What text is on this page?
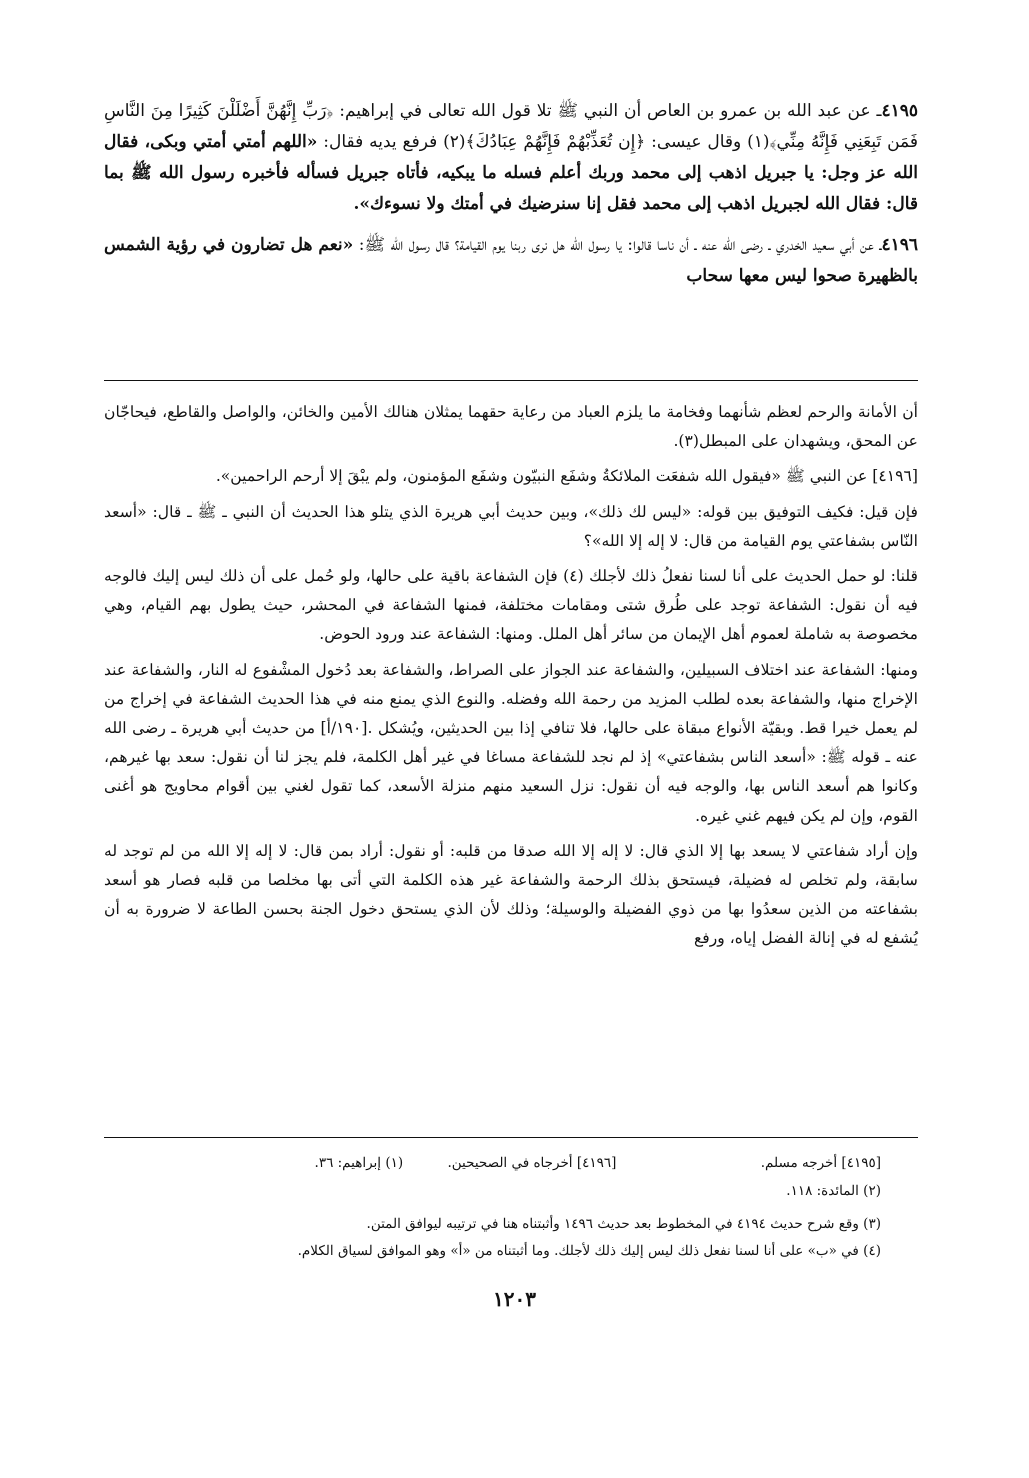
٤١٩٥ـ عن عبد الله بن عمرو بن العاص أن النبي ﷺ تلا قول الله تعالى في إبراهيم: ﴿رَبِّ إِنَّهُنَّ أَضْلَلْنَ كَثِيرًا مِنَ النَّاسِ فَمَن تَبِعَنِي فَإِنَّهُ مِنِّي﴾(١) وقال عيسى: ﴿إِن تُعَذِّبْهُمْ فَإِنَّهُمْ عِبَادُكَ﴾(٢) فرفع يديه فقال: «اللهم أمتي أمتي وبكى، فقال الله عز وجل: يا جبريل اذهب إلى محمد وربك أعلم فسله ما يبكيه، فأتاه جبريل فسأله فأخبره رسول الله ﷺ بما قال: فقال الله لجبريل اذهب إلى محمد فقل إنا سنرضيك في أمتك ولا نسوءك».

٤١٩٦ـ عن أبي سعيد الخدري ـ رضى الله عنه ـ أن ناسا قالوا: يا رسول الله هل نرى ربنا يوم القيامة؟ قال رسول الله ﷺ: «نعم هل تضارون في رؤية الشمس بالظهيرة صحوا ليس معها سحاب

أن الأمانة والرحم لعظم شأنهما وفخامة ما يلزم العباد من رعاية حقهما يمثلان هنالك الأمين والخائن، والواصل والقاطع، فيحاجّان عن المحق، ويشهدان على المبطل(٣).

[٤١٩٦] عن النبي ﷺ «فيقول الله شفعَت الملائكةُ وشفَع النبيّون وشفَع المؤمنون، ولم يبْقَ إلا أرحم الراحمين».

فإن قيل: فكيف التوفيق بين قوله: «ليس لك ذلك»، وبين حديث أبي هريرة الذي يتلو هذا الحديث أن النبي ـ ﷺ ـ قال: «أسعد النّاس بشفاعتي يوم القيامة من قال: لا إله إلا الله»؟

قلنا: لو حمل الحديث على أنا لسنا نفعلُ ذلك لأجلك (٤) فإن الشفاعة باقية على حالها، ولو حُمل على أن ذلك ليس إليك فالوجه فيه أن نقول: الشفاعة توجد على طُرق شتى ومقامات مختلفة، فمنها الشفاعة في المحشر، حيث يطول بهم القيام، وهي مخصوصة به شاملة لعموم أهل الإيمان من سائر أهل الملل. ومنها: الشفاعة عند ورود الحوض.

ومنها: الشفاعة عند اختلاف السبيلين، والشفاعة عند الجواز على الصراط، والشفاعة بعد دُخول المشْفوع له النار، والشفاعة عند الإخراج منها، والشفاعة بعده لطلب المزيد من رحمة الله وفضله. والنوع الذي يمنع منه في هذا الحديث الشفاعة في إخراج من لم يعمل خيرا قط. وبقيّة الأنواع مبقاة على حالها، فلا تنافي إذا بين الحديثين، ويُشكل .[١٩٠/أ] من حديث أبي هريرة ـ رضى الله عنه ـ قوله ﷺ: «أسعد الناس بشفاعتي» إذ لم نجد للشفاعة مساغا في غير أهل الكلمة، فلم يجز لنا أن نقول: سعد بها غيرهم، وكانوا هم أسعد الناس بها، والوجه فيه أن نقول: نزل السعيد منهم منزلة الأسعد، كما تقول لغني بين أقوام محاويج هو أغنى القوم، وإن لم يكن فيهم غني غيره.

وإن أراد شفاعتي لا يسعد بها إلا الذي قال: لا إله إلا الله صدقا من قلبه: أو نقول: أراد بمن قال: لا إله إلا الله من لم توجد له سابقة، ولم تخلص له فضيلة، فيستحق بذلك الرحمة والشفاعة غير هذه الكلمة التي أتى بها مخلصا من قلبه فصار هو أسعد بشفاعته من الذين سعدُوا بها من ذوي الفضيلة والوسيلة؛ وذلك لأن الذي يستحق دخول الجنة بحسن الطاعة لا ضرورة به أن يُشفع له في إنالة الفضل إياه، ورفع

[٤١٩٥] أخرجه مسلم. [٤١٩٦] أخرجاه في الصحيحين. (١) إبراهيم: ٣٦.
(٢) المائدة: ١١٨.
(٣) وقع شرح حديث ٤١٩٤ في المخطوط بعد حديث ١٤٩٦ وأثبتناه هنا في ترتيبه ليوافق المتن.
(٤) في «ب» على أنا لسنا نفعل ذلك ليس إليك ذلك لأجلك. وما أثبتناه من «أ» وهو الموافق لسياق الكلام.
١٢٠٣
